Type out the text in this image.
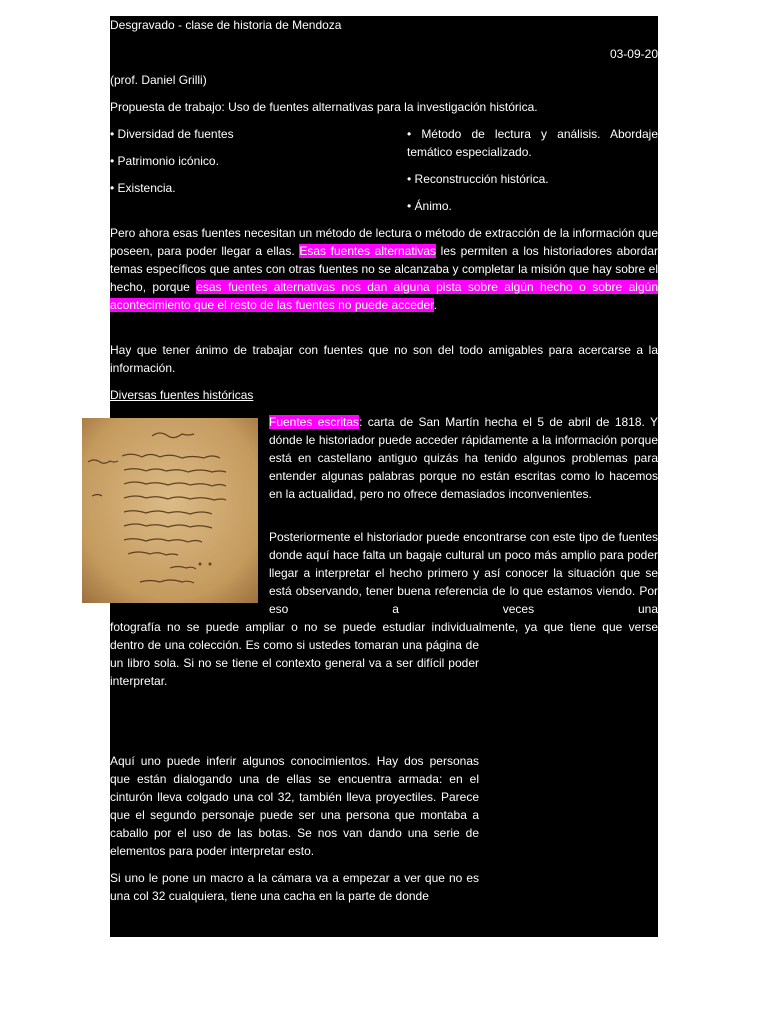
Desgravado - clase de historia de Mendoza
03-09-20
(prof. Daniel Grilli)
Propuesta de trabajo: Uso de fuentes alternativas para la investigación histórica.
• Diversidad de fuentes
• Patrimonio icónico.
• Existencia.
• Método de lectura y análisis. Abordaje temático especializado.
• Reconstrucción histórica.
• Ánimo.
Pero ahora esas fuentes necesitan un método de lectura o método de extracción de la información que poseen, para poder llegar a ellas. Esas fuentes alternativas les permiten a los historiadores abordar temas específicos que antes con otras fuentes no se alcanzaba y completar la misión que hay sobre el hecho, porque esas fuentes alternativas nos dan alguna pista sobre algún hecho o sobre algún acontecimiento que el resto de las fuentes no puede acceder.
Hay que tener ánimo de trabajar con fuentes que no son del todo amigables para acercarse a la información.
Diversas fuentes históricas
Fuentes escritas: carta de San Martín hecha el 5 de abril de 1818. Y dónde le historiador puede acceder rápidamente a la información porque está en castellano antiguo quizás ha tenido algunos problemas para entender algunas palabras porque no están escritas como lo hacemos en la actualidad, pero no ofrece demasiados inconvenientes.
Posteriormente el historiador puede encontrarse con este tipo de fuentes donde aquí hace falta un bagaje cultural un poco más amplio para poder llegar a interpretar el hecho primero y así conocer la situación que se está observando, tener buena referencia de lo que estamos viendo. Por eso a veces una
fotografía no se puede ampliar o no se puede estudiar individualmente, ya que tiene que verse
dentro de una colección. Es como si ustedes tomaran una página de un libro sola. Si no se tiene el contexto general va a ser difícil poder interpretar.
Aquí uno puede inferir algunos conocimientos. Hay dos personas que están dialogando una de ellas se encuentra armada: en el cinturón lleva colgado una col 32, también lleva proyectiles. Parece que el segundo personaje puede ser una persona que montaba a caballo por el uso de las botas. Se nos van dando una serie de elementos para poder interpretar esto.
Si uno le pone un macro a la cámara va a empezar a ver que no es una col 32 cualquiera, tiene una cacha en la parte de donde
